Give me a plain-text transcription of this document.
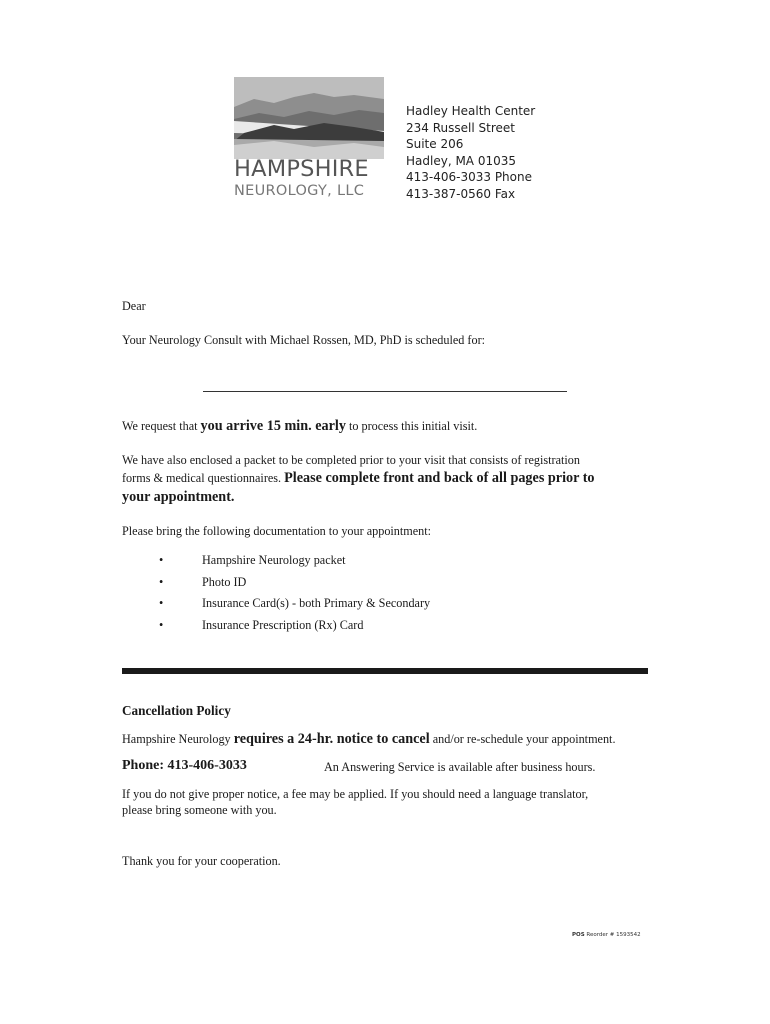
HAMPSHIRE
NEUROLOGY, LLC
Hadley Health Center
234 Russell Street
Suite 206
Hadley, MA 01035
413-406-3033 Phone
413-387-0560 Fax
Dear
Your Neurology Consult with Michael Rossen, MD, PhD is scheduled for:
We request that you arrive 15 min. early to process this initial visit.
We have also enclosed a packet to be completed prior to your visit that consists of registration
forms & medical questionnaires. Please complete front and back of all pages prior to
your appointment.
Please bring the following documentation to your appointment:
•	Hampshire Neurology packet
•	Photo ID
•	Insurance Card(s) - both Primary & Secondary
•	Insurance Prescription (Rx) Card
Cancellation Policy
Hampshire Neurology requires a 24-hr. notice to cancel and/or re-schedule your appointment.
Phone: 413-406-3033	An Answering Service is available after business hours.
If you do not give proper notice, a fee may be applied. If you should need a language translator,
please bring someone with you.
Thank you for your cooperation.
POS Reorder # 1593542
